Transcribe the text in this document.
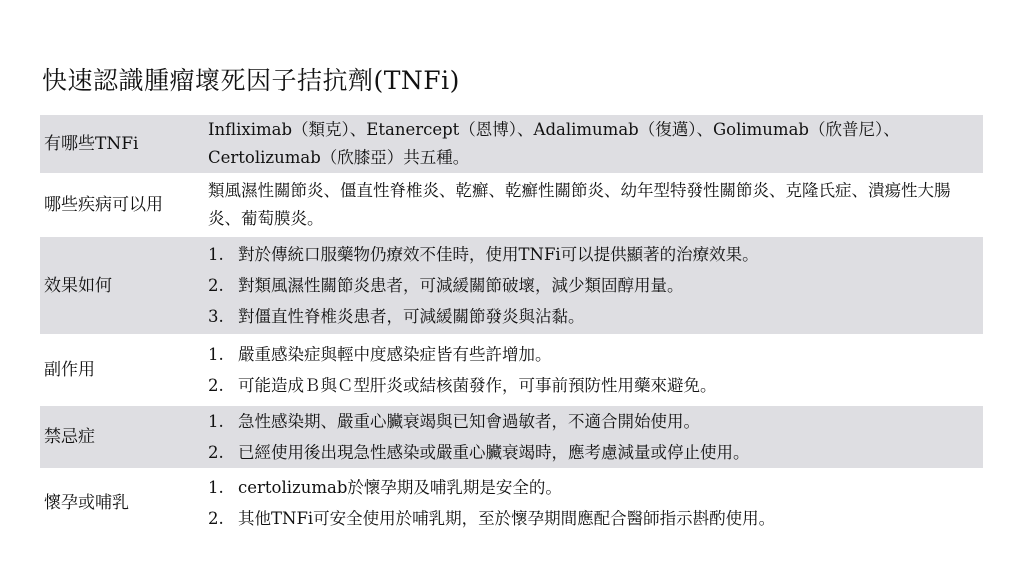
快速認識腫瘤壞死因子拮抗劑(TNFi)
有哪些TNFi

Infliximab（類克）、Etanercept（恩博）、Adalimumab（復邁）、Golimumab（欣普尼）、Certolizumab（欣膝亞）共五種。

哪些疾病可以用

類風濕性關節炎、僵直性脊椎炎、乾癬、乾癬性關節炎、幼年型特發性關節炎、克隆氏症、潰瘍性大腸炎、葡萄膜炎。

效果如何
1. 對於傳統口服藥物仍療效不佳時，使用TNFi可以提供顯著的治療效果。
2. 對類風濕性關節炎患者，可減緩關節破壞，減少類固醇用量。
3. 對僵直性脊椎炎患者，可減緩關節發炎與沾黏。
副作用
1. 嚴重感染症與輕中度感染症皆有些許增加。
2. 可能造成Ｂ與Ｃ型肝炎或結核菌發作，可事前預防性用藥來避免。
禁忌症
1. 急性感染期、嚴重心臟衰竭與已知會過敏者，不適合開始使用。
2. 已經使用後出現急性感染或嚴重心臟衰竭時，應考慮減量或停止使用。
懷孕或哺乳
1. certolizumab於懷孕期及哺乳期是安全的。
2. 其他TNFi可安全使用於哺乳期，至於懷孕期間應配合醫師指示斟酌使用。
